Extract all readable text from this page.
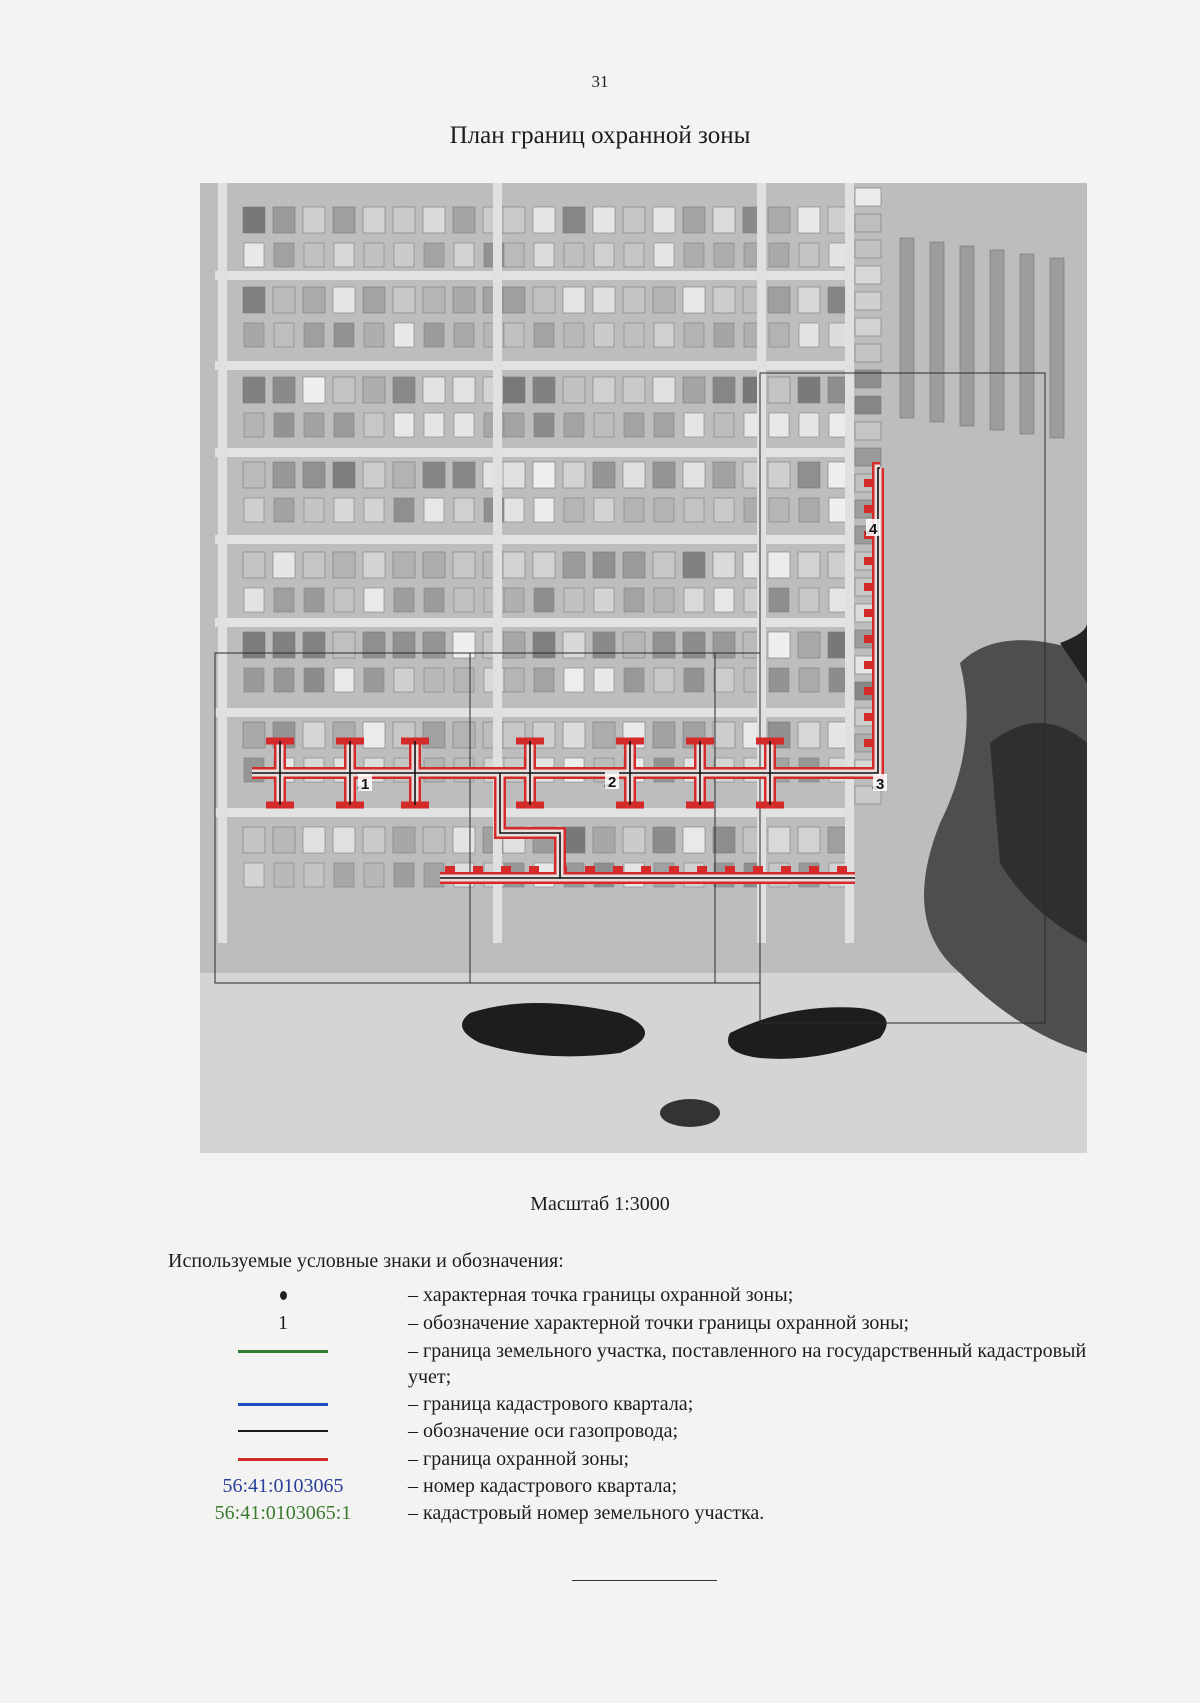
31
План границ охранной зоны
1	2	3
4
Масштаб 1:3000
Используемые условные знаки и обозначения:
– характерная точка границы охранной зоны;
1	– обозначение характерной точки границы охранной зоны;
– граница земельного участка, поставленного на государственный кадастровый учет;
– граница кадастрового квартала;
– обозначение оси газопровода;
– граница охранной зоны;
56:41:0103065	– номер кадастрового квартала;
56:41:0103065:1	– кадастровый номер земельного участка.
